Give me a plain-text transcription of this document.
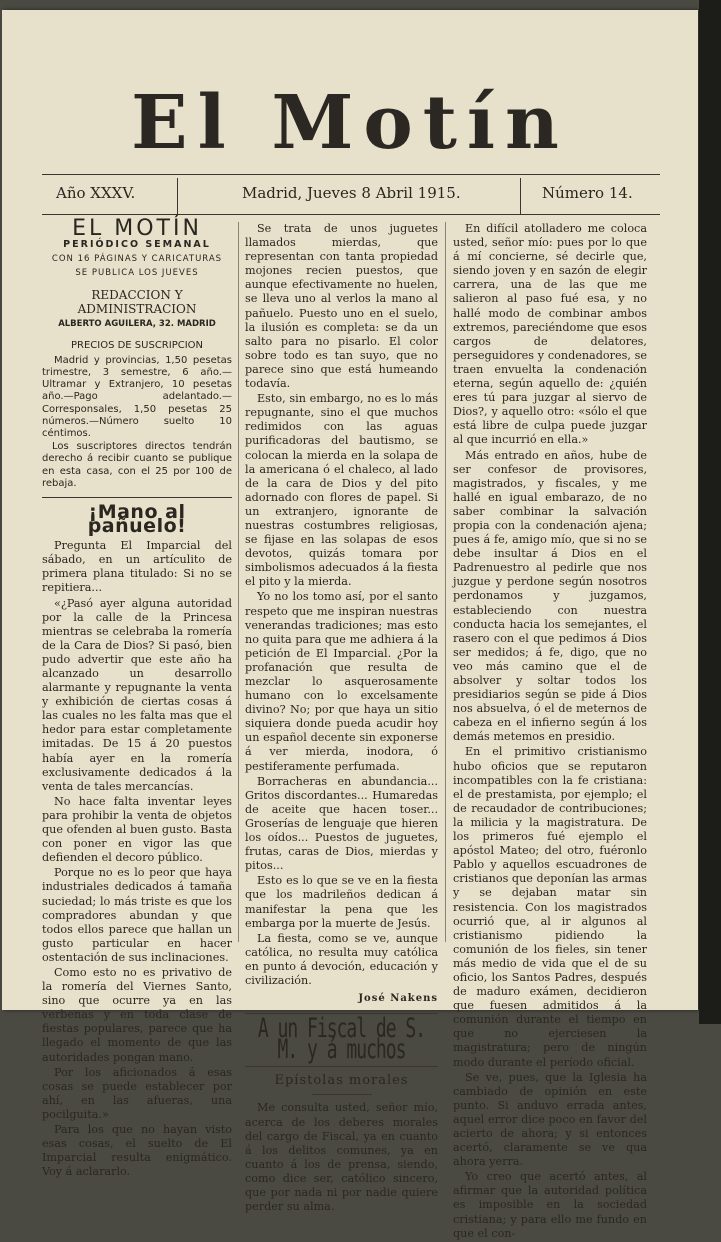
El Motín
Año XXXV.	Madrid, Jueves 8 Abril 1915.	Número 14.
EL MOTÍN
PERIÓDICO SEMANAL
CON 16 PÁGINAS Y CARICATURAS
SE PUBLICA LOS JUEVES
REDACCION Y ADMINISTRACION
ALBERTO AGUILERA, 32. MADRID
PRECIOS DE SUSCRIPCION

Madrid y provincias, 1,50 pesetas trimestre, 3 semestre, 6 año.—Ultramar y Extranjero, 10 pesetas año.—Pago adelantado.—Corresponsales, 1,50 pesetas 25 números.—Número suelto 10 céntimos.

Los suscriptores directos tendrán derecho á recibir cuanto se publique en esta casa, con el 25 por 100 de rebaja.

¡Mano al pañuelo!

Pregunta El Imparcial del sábado, en un artículito de primera plana titulado: Si no se repitiera...

«¿Pasó ayer alguna autoridad por la calle de la Princesa mientras se celebraba la romería de la Cara de Dios? Si pasó, bien pudo advertir que este año ha alcanzado un desarrollo alarmante y repugnante la venta y exhibición de ciertas cosas á las cuales no les falta mas que el hedor para estar completamente imitadas. De 15 á 20 puestos había ayer en la romería exclusivamente dedicados á la venta de tales mercancías.

No hace falta inventar leyes para prohibir la venta de objetos que ofenden al buen gusto. Basta con poner en vigor las que defienden el decoro público.

Porque no es lo peor que haya industriales dedicados á tamaña suciedad; lo más triste es que los compradores abundan y que todos ellos parece que hallan un gusto particular en hacer ostentación de sus inclinaciones.

Como esto no es privativo de la romería del Viernes Santo, sino que ocurre ya en las verbenas y en toda clase de fiestas populares, parece que ha llegado el momento de que las autoridades pongan mano.

Por los aficionados á esas cosas se puede establecer por ahí, en las afueras, una pocilguita.»

Para los que no hayan visto esas cosas, el suelto de El Imparcial resulta enigmático. Voy á aclararlo.

Se trata de unos juguetes llamados mierdas, que representan con tanta propiedad mojones recien puestos, que aunque efectivamente no huelen, se lleva uno al verlos la mano al pañuelo. Puesto uno en el suelo, la ilusión es completa: se da un salto para no pisarlo. El color sobre todo es tan suyo, que no parece sino que está humeando todavía.

Esto, sin embargo, no es lo más repugnante, sino el que muchos redimidos con las aguas purificadoras del bautismo, se colocan la mierda en la solapa de la americana ó el chaleco, al lado de la cara de Dios y del pito adornado con flores de papel. Si un extranjero, ignorante de nuestras costumbres religiosas, se fijase en las solapas de esos devotos, quizás tomara por simbolismos adecuados á la fiesta el pito y la mierda.

Yo no los tomo así, por el santo respeto que me inspiran nuestras venerandas tradiciones; mas esto no quita para que me adhiera á la petición de El Imparcial. ¿Por la profanación que resulta de mezclar lo asquerosamente humano con lo excelsamente divino? No; por que haya un sitio siquiera donde pueda acudir hoy un español decente sin exponerse á ver mierda, inodora, ó pestiferamente perfumada.

Borracheras en abundancia... Gritos discordantes... Humaredas de aceite que hacen toser... Groserías de lenguaje que hieren los oídos... Puestos de juguetes, frutas, caras de Dios, mierdas y pitos...

Esto es lo que se ve en la fiesta que los madrileños dedican á manifestar la pena que les embarga por la muerte de Jesús.

La fiesta, como se ve, aunque católica, no resulta muy católica en punto á devoción, educación y civilización.

José Nakens
A un Fiscal de S. M. y á muchos
Epístolas morales

Me consulta usted, señor mío, acerca de los deberes morales del cargo de Fiscal, ya en cuanto á los delitos comunes, ya en cuanto á los de prensa, siendo, como dice ser, católico sincero, que por nada ni por nadie quiere perder su alma.

En difícil atolladero me coloca usted, señor mío: pues por lo que á mí concierne, sé decirle que, siendo joven y en sazón de elegir carrera, una de las que me salieron al paso fué esa, y no hallé modo de combinar ambos extremos, pareciéndome que esos cargos de delatores, perseguidores y condenadores, se traen envuelta la condenación eterna, según aquello de: ¿quién eres tú para juzgar al siervo de Dios?, y aquello otro: «sólo el que está libre de culpa puede juzgar al que incurrió en ella.»

Más entrado en años, hube de ser confesor de provisores, magistrados, y fiscales, y me hallé en igual embarazo, de no saber combinar la salvación propia con la condenación ajena; pues á fe, amigo mío, que si no se debe insultar á Dios en el Padrenuestro al pedirle que nos juzgue y perdone según nosotros perdonamos y juzgamos, estableciendo con nuestra conducta hacia los semejantes, el rasero con el que pedimos á Dios ser medidos; á fe, digo, que no veo más camino que el de absolver y soltar todos los presidiarios según se pide á Dios nos absuelva, ó el de meternos de cabeza en el infierno según á los demás metemos en presidio.

En el primitivo cristianismo hubo oficios que se reputaron incompatibles con la fe cristiana: el de prestamista, por ejemplo; el de recaudador de contribuciones; la milicia y la magistratura. De los primeros fué ejemplo el apóstol Mateo; del otro, fuéronlo Pablo y aquellos escuadrones de cristianos que deponían las armas y se dejaban matar sin resistencia. Con los magistrados ocurrió que, al ir algunos al cristianismo pidiendo la comunión de los fieles, sin tener más medio de vida que el de su oficio, los Santos Padres, después de maduro exámen, decidieron que fuesen admitidos á la comunión durante el tiempo en que no ejerciesen la magistratura; pero de ningún modo durante el período oficial.

Se ve, pues, que la Iglesia ha cambiado de opinión en este punto. Si anduvo errada antes, aquel error dice poco en favor del acierto de ahora; y si entonces acertó, claramente se ve qua ahora yerra.

Yo creo que acertó antes, al afirmar que la autoridad política es imposible en la sociedad cristiana; y para ello me fundo en que el con-
